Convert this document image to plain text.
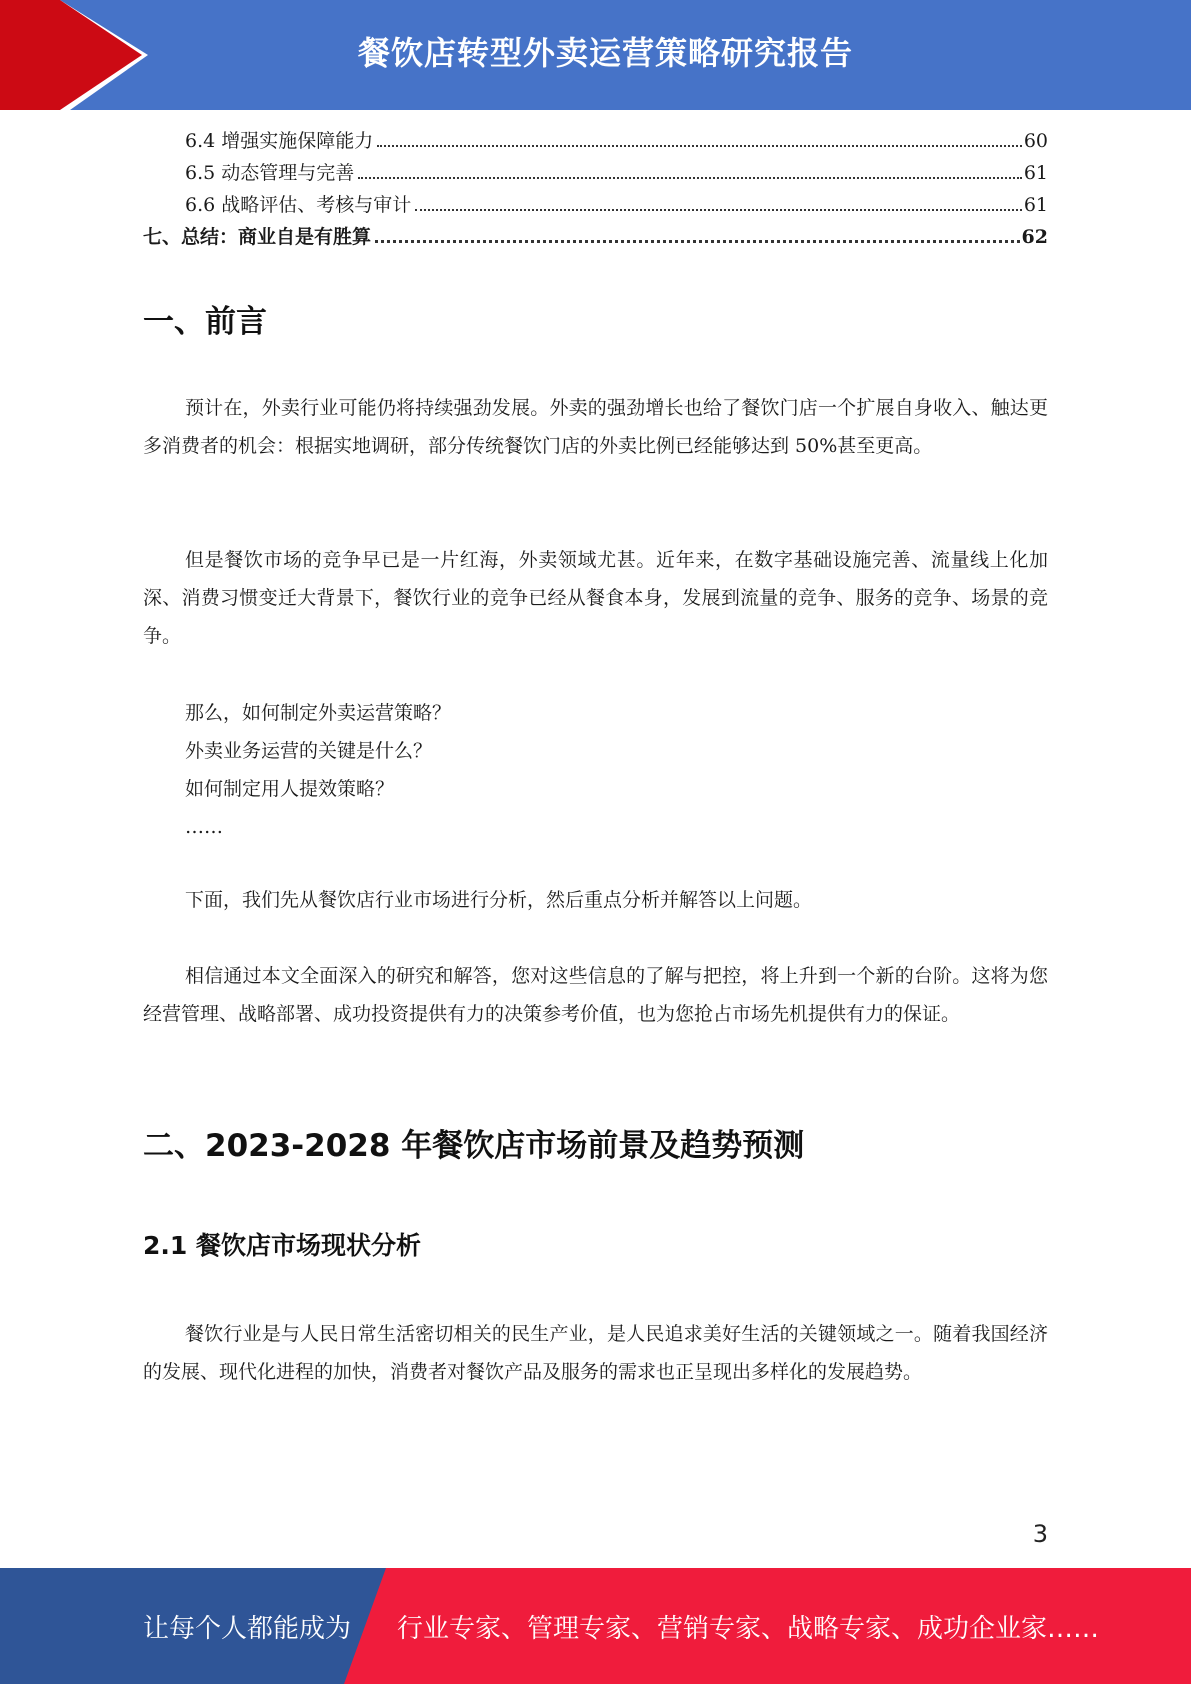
餐饮店转型外卖运营策略研究报告
6.4 增强实施保障能力	60
6.5 动态管理与完善	61
6.6 战略评估、考核与审计	61
七、总结：商业自是有胜算	62
一、前言

预计在，外卖行业可能仍将持续强劲发展。外卖的强劲增长也给了餐饮门店一个扩展自身收入、触达更多消费者的机会：根据实地调研，部分传统餐饮门店的外卖比例已经能够达到 50%甚至更高。

但是餐饮市场的竞争早已是一片红海，外卖领域尤甚。近年来，在数字基础设施完善、流量线上化加深、消费习惯变迁大背景下，餐饮行业的竞争已经从餐食本身，发展到流量的竞争、服务的竞争、场景的竞争。

那么，如何制定外卖运营策略？
外卖业务运营的关键是什么？
如何制定用人提效策略？
……

下面，我们先从餐饮店行业市场进行分析，然后重点分析并解答以上问题。

相信通过本文全面深入的研究和解答，您对这些信息的了解与把控，将上升到一个新的台阶。这将为您经营管理、战略部署、成功投资提供有力的决策参考价值，也为您抢占市场先机提供有力的保证。

二、2023-2028 年餐饮店市场前景及趋势预测
2.1 餐饮店市场现状分析

餐饮行业是与人民日常生活密切相关的民生产业，是人民追求美好生活的关键领域之一。随着我国经济的发展、现代化进程的加快，消费者对餐饮产品及服务的需求也正呈现出多样化的发展趋势。

3
让每个人都能成为 行业专家、管理专家、营销专家、战略专家、成功企业家……
